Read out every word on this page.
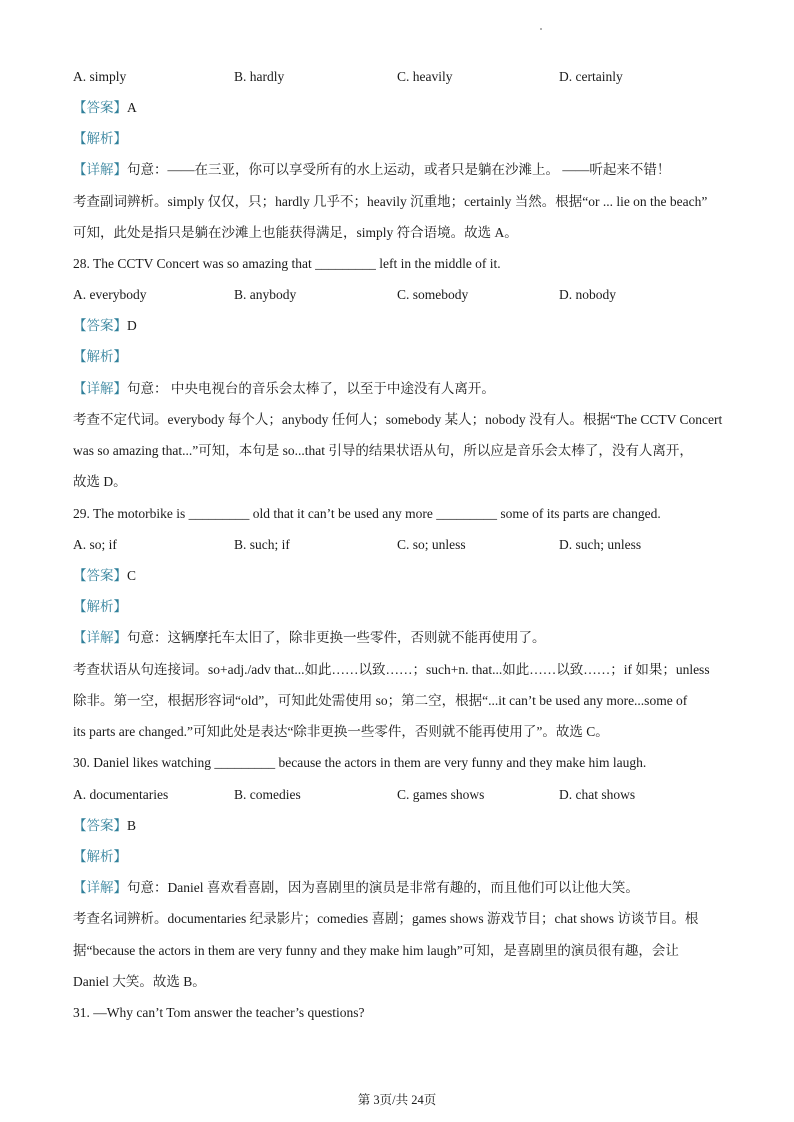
A. simply	B. hardly	C. heavily	D. certainly
【答案】A
【解析】
【详解】句意：——在三亚，你可以享受所有的水上运动，或者只是躺在沙滩上。 ——听起来不错！
考查副词辨析。simply 仅仅，只；hardly 几乎不；heavily 沉重地；certainly 当然。根据“or ... lie on the beach”
可知，此处是指只是躺在沙滩上也能获得满足，simply 符合语境。故选 A。
28. The CCTV Concert was so amazing that _________ left in the middle of it.
A. everybody	B. anybody	C. somebody	D. nobody
【答案】D
【解析】
【详解】句意： 中央电视台的音乐会太棒了，以至于中途没有人离开。
考查不定代词。everybody 每个人；anybody 任何人；somebody 某人；nobody 没有人。根据“The CCTV Concert
was so amazing that...”可知，本句是 so...that 引导的结果状语从句，所以应是音乐会太棒了，没有人离开，
故选 D。
29. The motorbike is _________ old that it can’t be used any more _________ some of its parts are changed.
A. so; if	B. such; if	C. so; unless	D. such; unless
【答案】C
【解析】
【详解】句意：这辆摩托车太旧了，除非更换一些零件，否则就不能再使用了。
考查状语从句连接词。so+adj./adv that...如此……以致……；such+n. that...如此……以致……；if 如果；unless
除非。第一空，根据形容词“old”，可知此处需使用 so；第二空，根据“...it can’t be used any more...some of
its parts are changed.”可知此处是表达“除非更换一些零件，否则就不能再使用了”。故选 C。
30. Daniel likes watching _________ because the actors in them are very funny and they make him laugh.
A. documentaries	B. comedies	C. games shows	D. chat shows
【答案】B
【解析】
【详解】句意：Daniel 喜欢看喜剧，因为喜剧里的演员是非常有趣的，而且他们可以让他大笑。
考查名词辨析。documentaries 纪录影片；comedies 喜剧；games shows 游戏节目；chat shows 访谈节目。根
据“because the actors in them are very funny and they make him laugh”可知，是喜剧里的演员很有趣，会让
Daniel 大笑。故选 B。
31. —Why can’t Tom answer the teacher’s questions?
第 3页/共 24页
